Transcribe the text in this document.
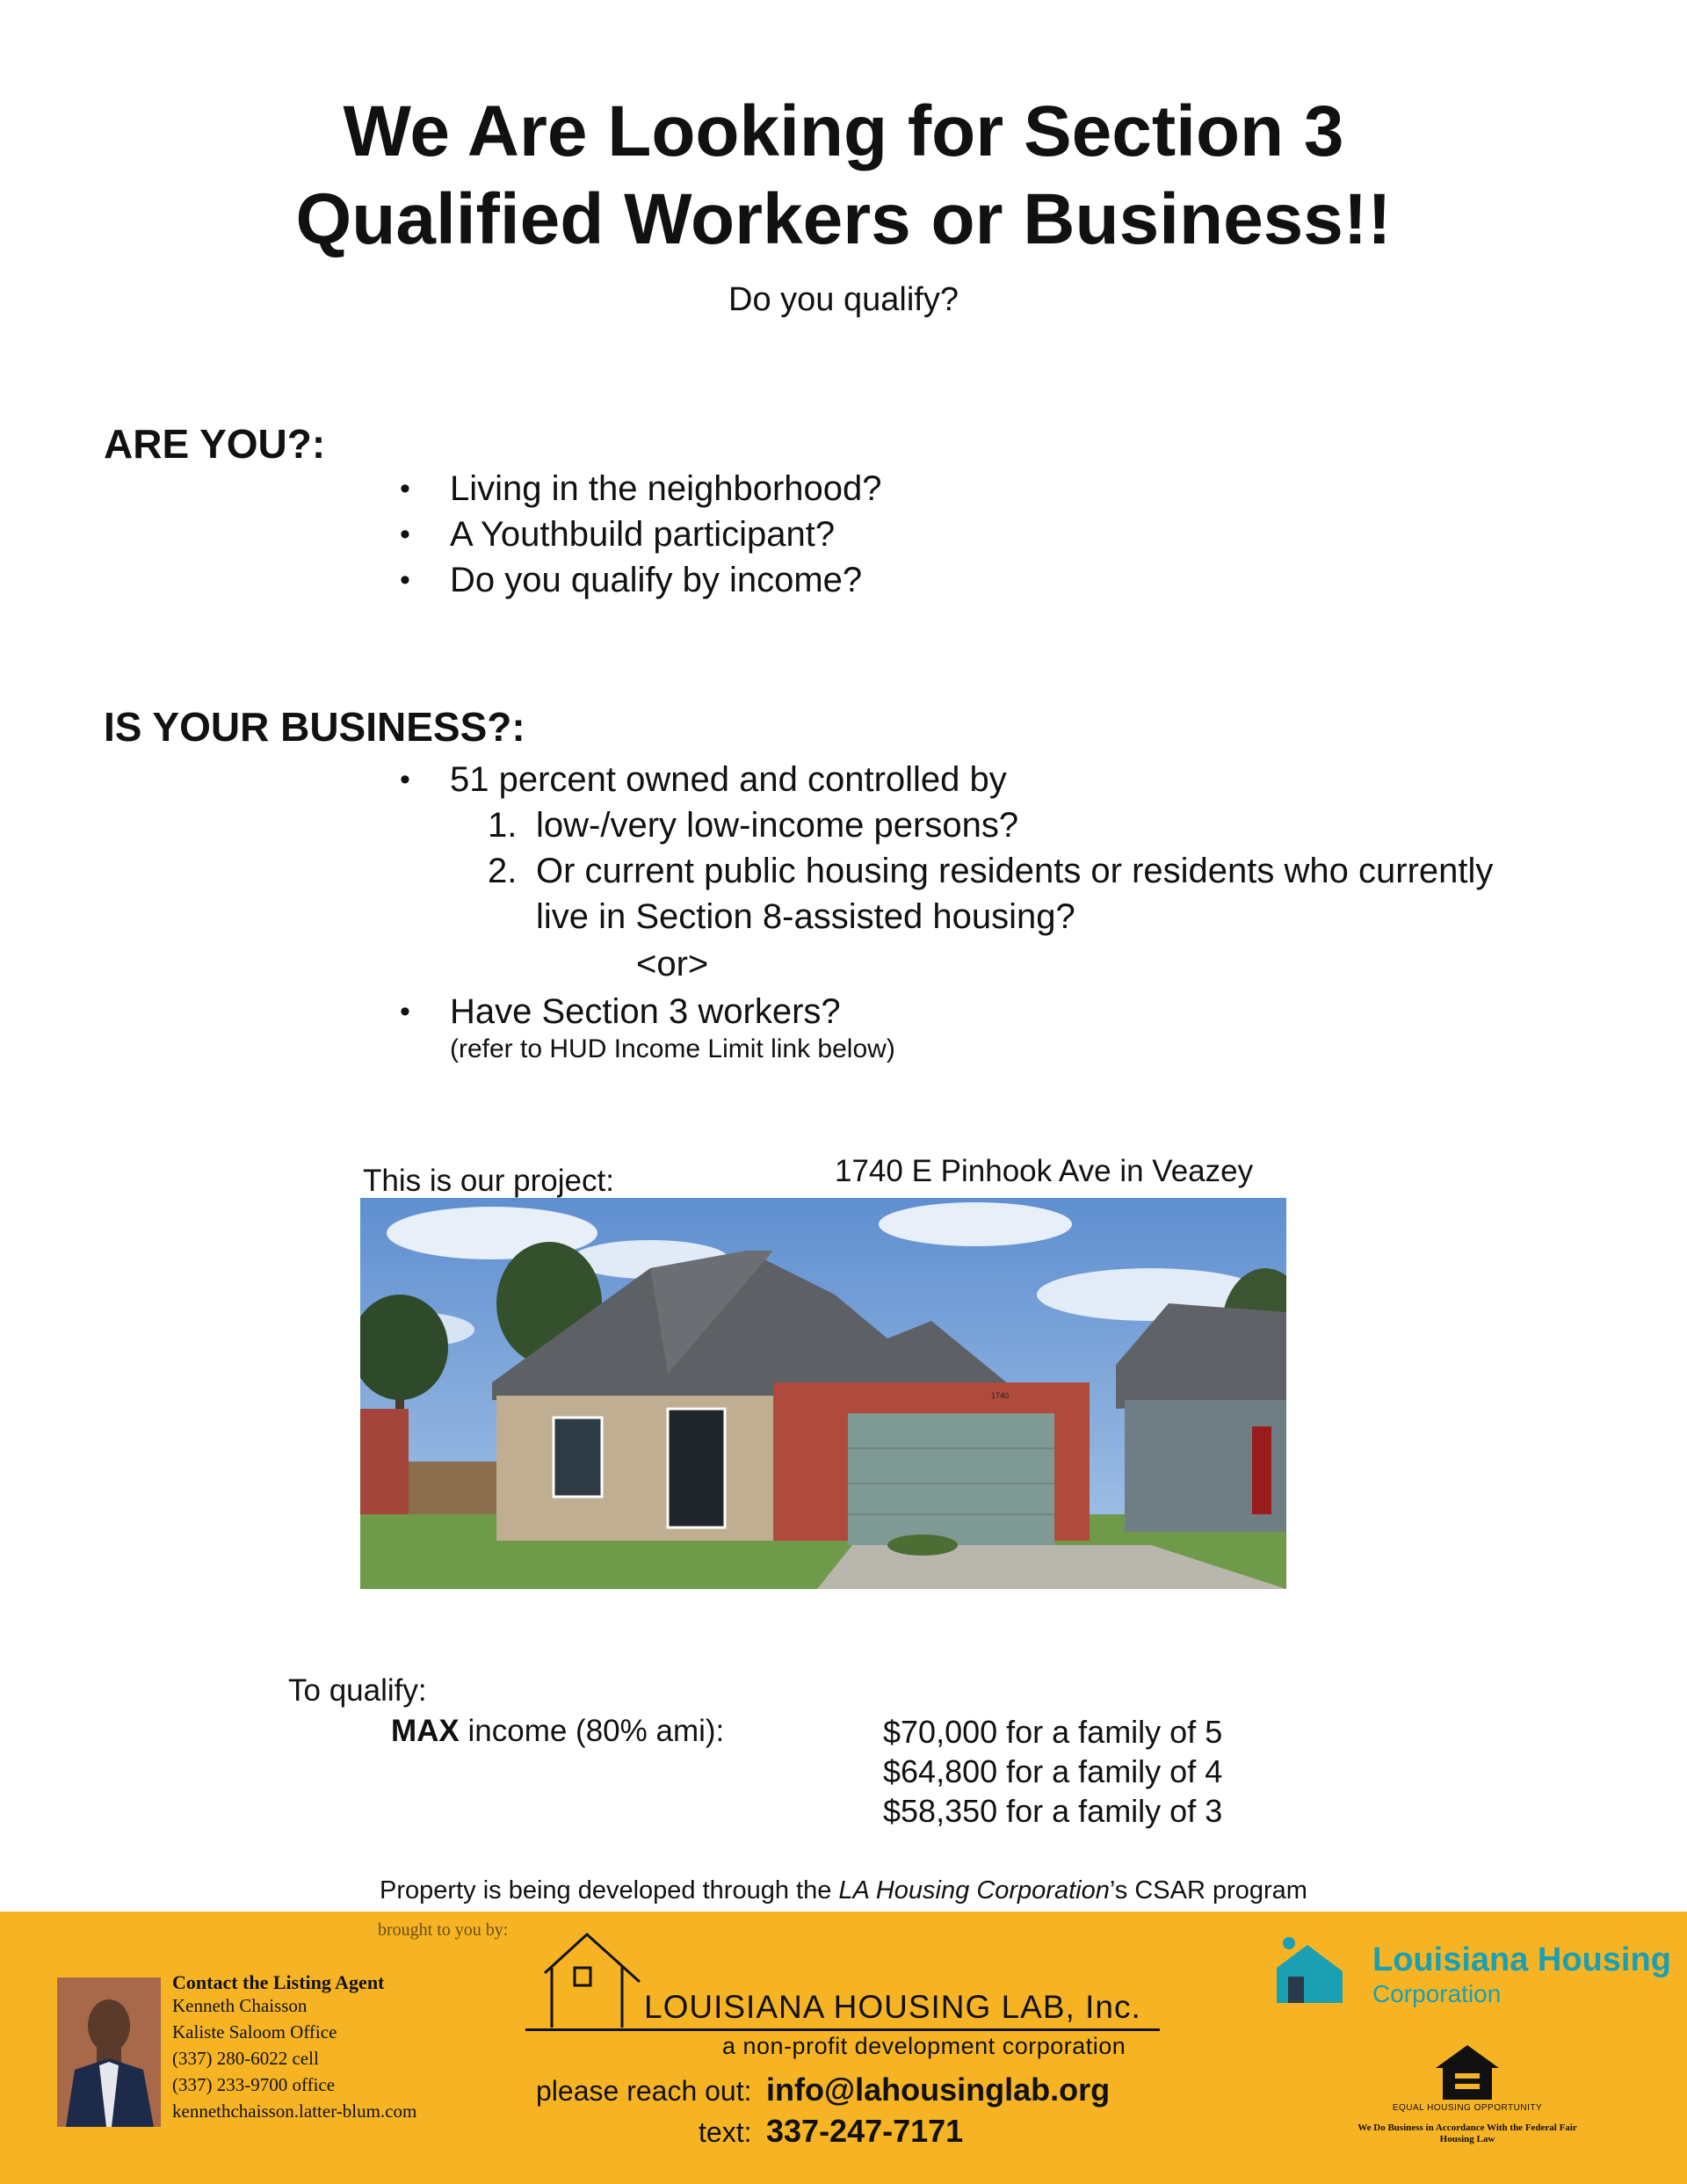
We Are Looking for Section 3
Qualified Workers or Business!!
Do you qualify?
ARE YOU?:
• Living in the neighborhood?
• A Youthbuild participant?
• Do you qualify by income?
IS YOUR BUSINESS?:
• 51 percent owned and controlled by
1. low-/very low-income persons?
2. Or current public housing residents or residents who currently
live in Section 8-assisted housing?
<or>
• Have Section 3 workers?
(refer to HUD Income Limit link below)
This is our project:	1740 E Pinhook Ave in Veazey
1740
To qualify:
MAX income (80% ami):	$70,000 for a family of 5
$64,800 for a family of 4
$58,350 for a family of 3
Property is being developed through the LA Housing Corporation’s CSAR program
brought to you by:
Contact the Listing Agent
Kenneth Chaisson
Kaliste Saloom Office
(337) 280-6022 cell
(337) 233-9700 office
kennethchaisson.latter-blum.com
LOUISIANA HOUSING LAB, Inc.
a non-profit development corporation
please reach out: info@lahousinglab.org
text: 337-247-7171
Louisiana Housing
Corporation
EQUAL HOUSING OPPORTUNITY
We Do Business in Accordance With the Federal Fair Housing Law
